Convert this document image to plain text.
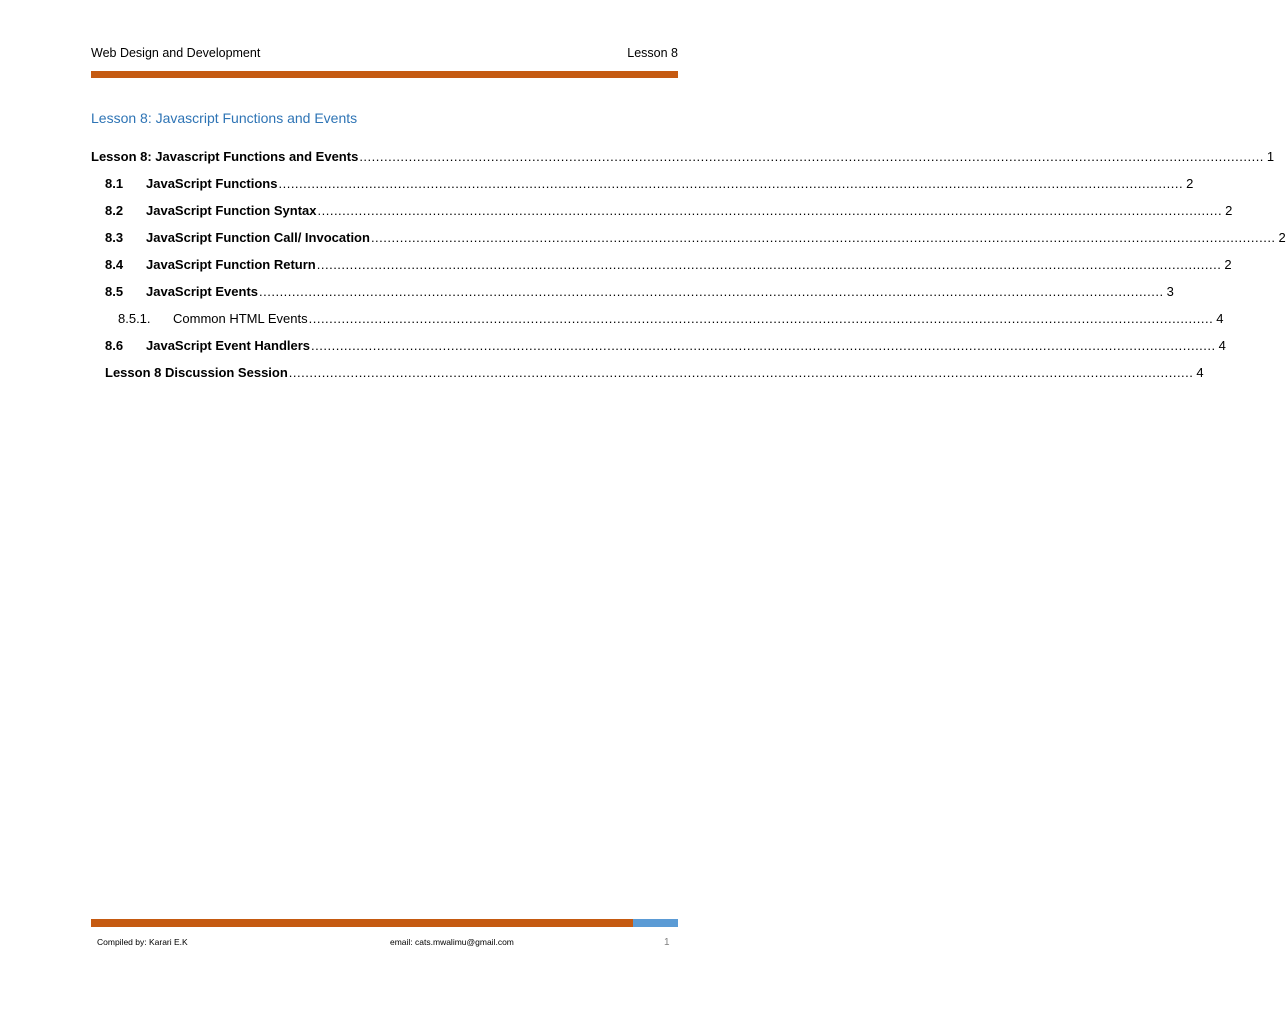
Web Design and Development	Lesson 8
Lesson 8: Javascript Functions and Events
Lesson 8: Javascript Functions and Events ............................................................................................................................................................................................................................ 1
8.1	JavaScript Functions ............................................................................................................................................................................................................................ 2
8.2	JavaScript Function Syntax ............................................................................................................................................................................................................................ 2
8.3	JavaScript Function Call/ Invocation ............................................................................................................................................................................................................................ 2
8.4	JavaScript Function Return ............................................................................................................................................................................................................................ 2
8.5	JavaScript Events ............................................................................................................................................................................................................................ 3
8.5.1.	Common HTML Events ............................................................................................................................................................................................................................ 4
8.6	JavaScript Event Handlers ............................................................................................................................................................................................................................ 4
Lesson 8 Discussion Session ............................................................................................................................................................................................................................ 4
Compiled by: Karari E.K	email: cats.mwalimu@gmail.com	1
